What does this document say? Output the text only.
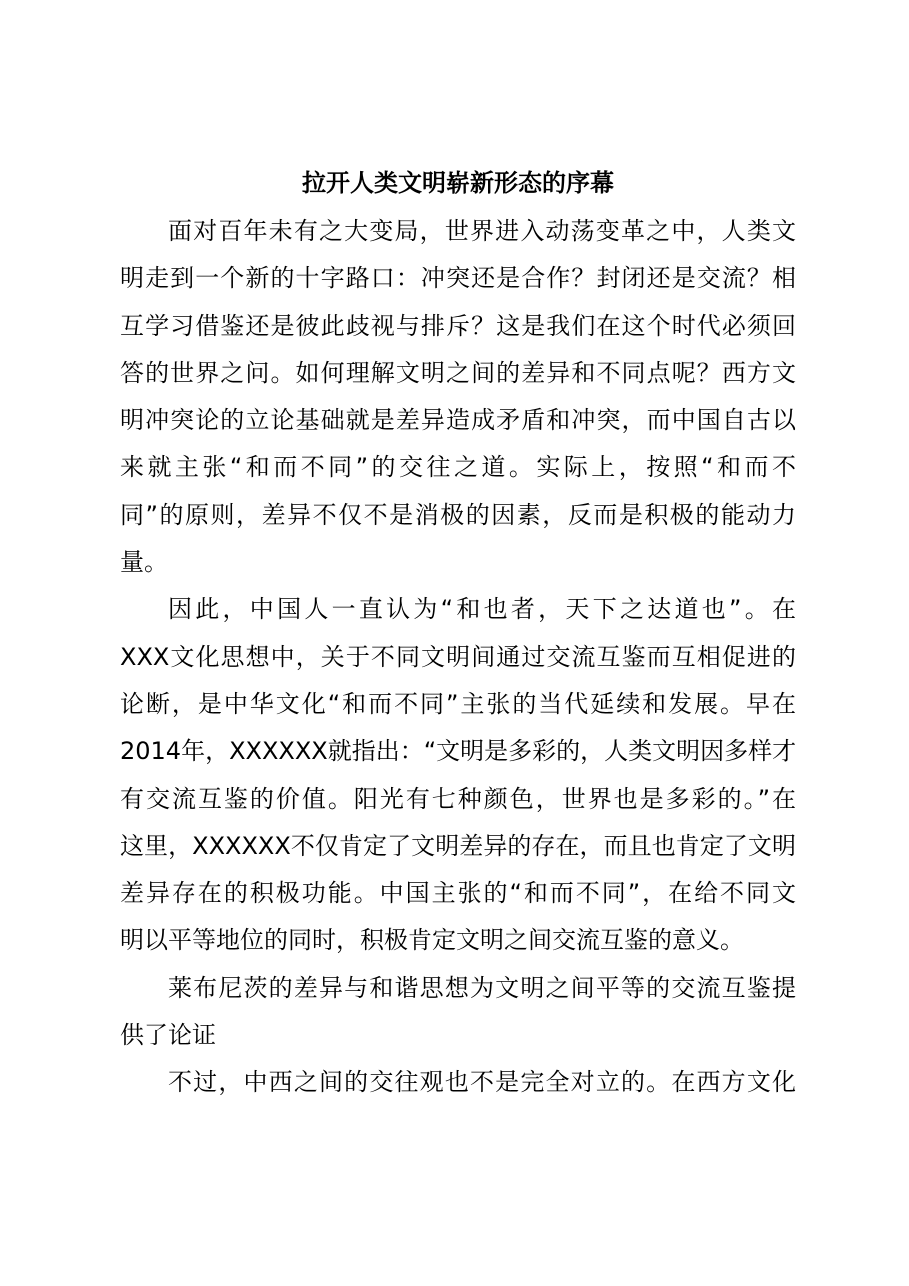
拉开人类文明崭新形态的序幕
面对百年未有之大变局，世界进入动荡变革之中，人类文
明走到一个新的十字路口：冲突还是合作？封闭还是交流？相
互学习借鉴还是彼此歧视与排斥？这是我们在这个时代必须回
答的世界之问。如何理解文明之间的差异和不同点呢？西方文
明冲突论的立论基础就是差异造成矛盾和冲突，而中国自古以
来就主张“和而不同”的交往之道。实际上，按照“和而不
同”的原则，差异不仅不是消极的因素，反而是积极的能动力
量。
因此，中国人一直认为“和也者，天下之达道也”。在
XXX文化思想中，关于不同文明间通过交流互鉴而互相促进的
论断，是中华文化“和而不同”主张的当代延续和发展。早在
2014年，XXXXXX就指出：“文明是多彩的，人类文明因多样才
有交流互鉴的价值。阳光有七种颜色，世界也是多彩的。”在
这里，XXXXXX不仅肯定了文明差异的存在，而且也肯定了文明
差异存在的积极功能。中国主张的“和而不同”，在给不同文
明以平等地位的同时，积极肯定文明之间交流互鉴的意义。
莱布尼茨的差异与和谐思想为文明之间平等的交流互鉴提
供了论证
不过，中西之间的交往观也不是完全对立的。在西方文化
